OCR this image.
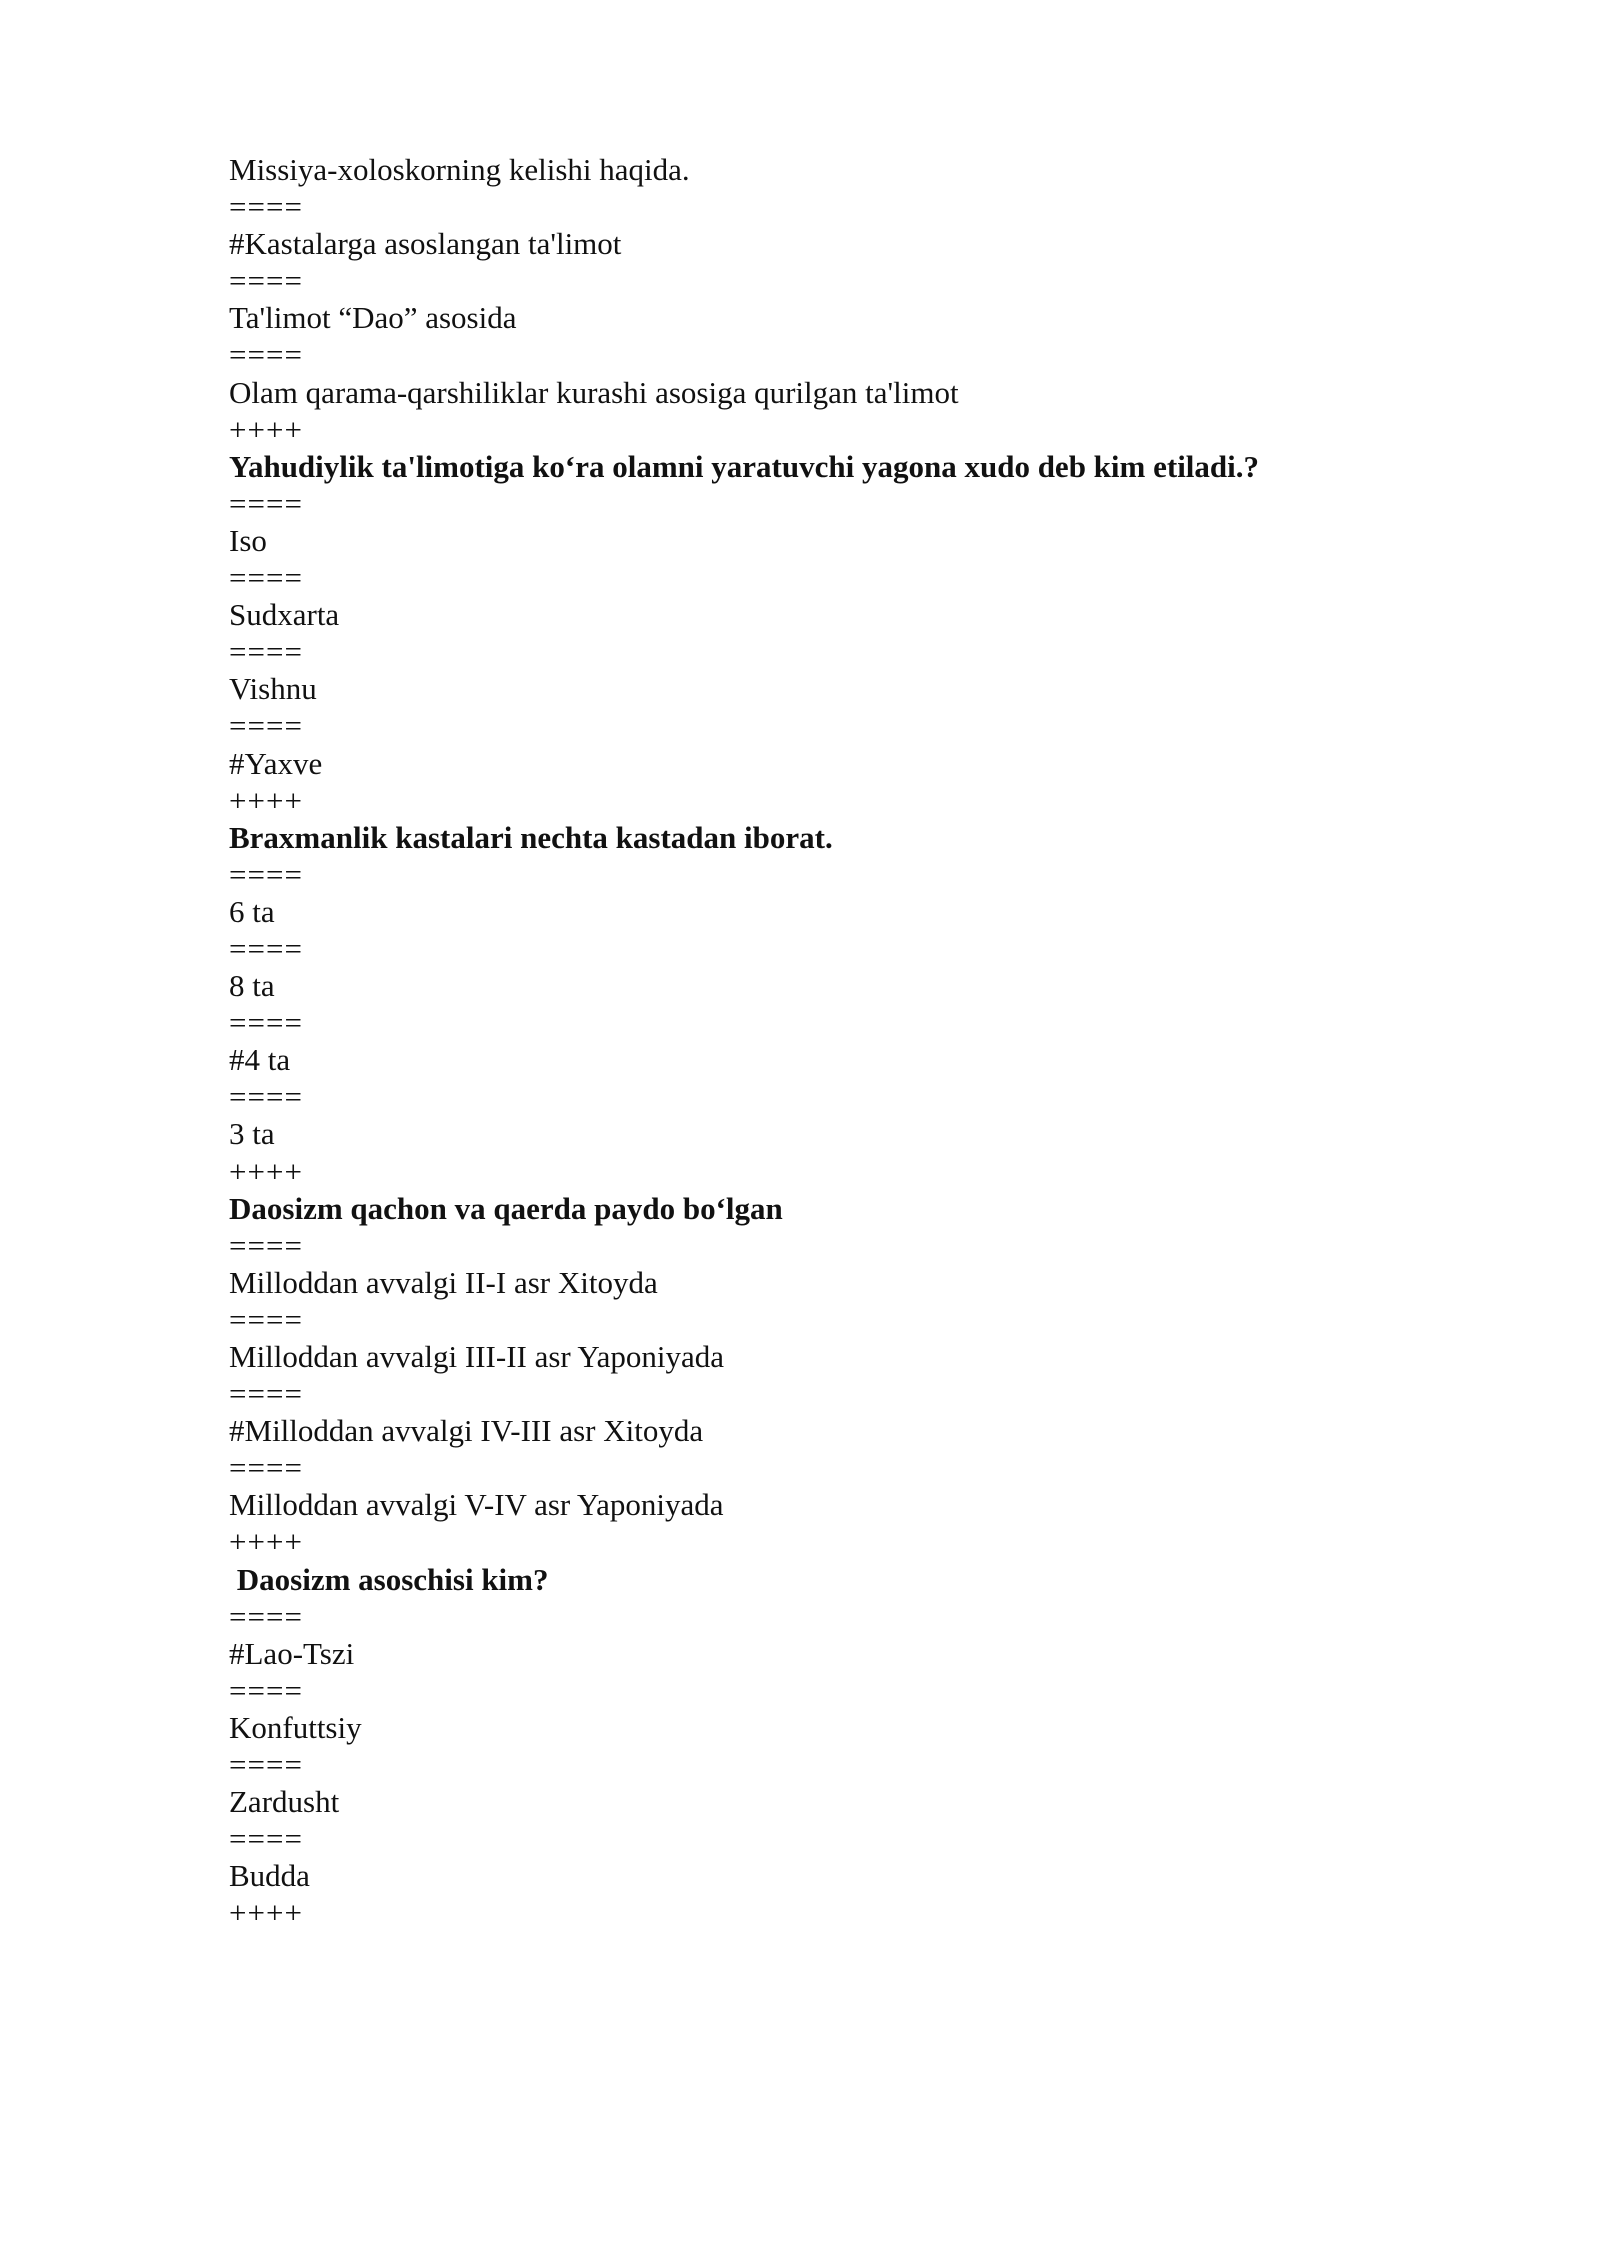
Missiya-xoloskorning kelishi haqida.
====
#Kastalarga asoslangan ta'limot
====
Ta'limot “Dao” asosida
====
Olam qarama-qarshiliklar kurashi asosiga qurilgan ta'limot
++++
Yahudiylik ta'limotiga ko‘ra olamni yaratuvchi yagona xudo deb kim etiladi.?
====
Iso
====
Sudxarta
====
Vishnu
====
#Yaxve
++++
Braxmanlik kastalari nechta kastadan iborat.
====
6 ta
====
8 ta
====
#4 ta
====
3 ta
++++
Daosizm qachon va qaerda paydo bo‘lgan
====
Milloddan avvalgi II-I asr Xitoyda
====
Milloddan avvalgi III-II asr Yaponiyada
====
#Milloddan avvalgi IV-III asr Xitoyda
====
Milloddan avvalgi V-IV asr Yaponiyada
++++
Daosizm asoschisi kim?
====
#Lao-Tszi
====
Konfuttsiy
====
Zardusht
====
Budda
++++
